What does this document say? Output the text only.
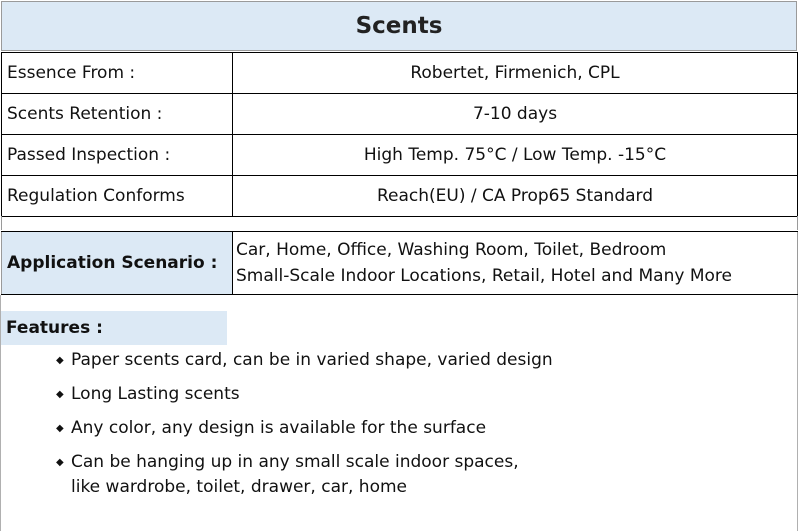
Scents
Essence From :	Robertet, Firmenich, CPL
Scents Retention :	7-10 days
Passed Inspection :	High Temp. 75°C / Low Temp. -15°C
Regulation Conforms	Reach(EU) / CA Prop65 Standard
Application Scenario :
Car, Home, Office, Washing Room, Toilet, Bedroom
Small-Scale Indoor Locations, Retail, Hotel and Many More
Features :
◆ Paper scents card, can be in varied shape, varied design
◆ Long Lasting scents
◆ Any color, any design is available for the surface
◆ Can be hanging up in any small scale indoor spaces,
like wardrobe, toilet, drawer, car, home
